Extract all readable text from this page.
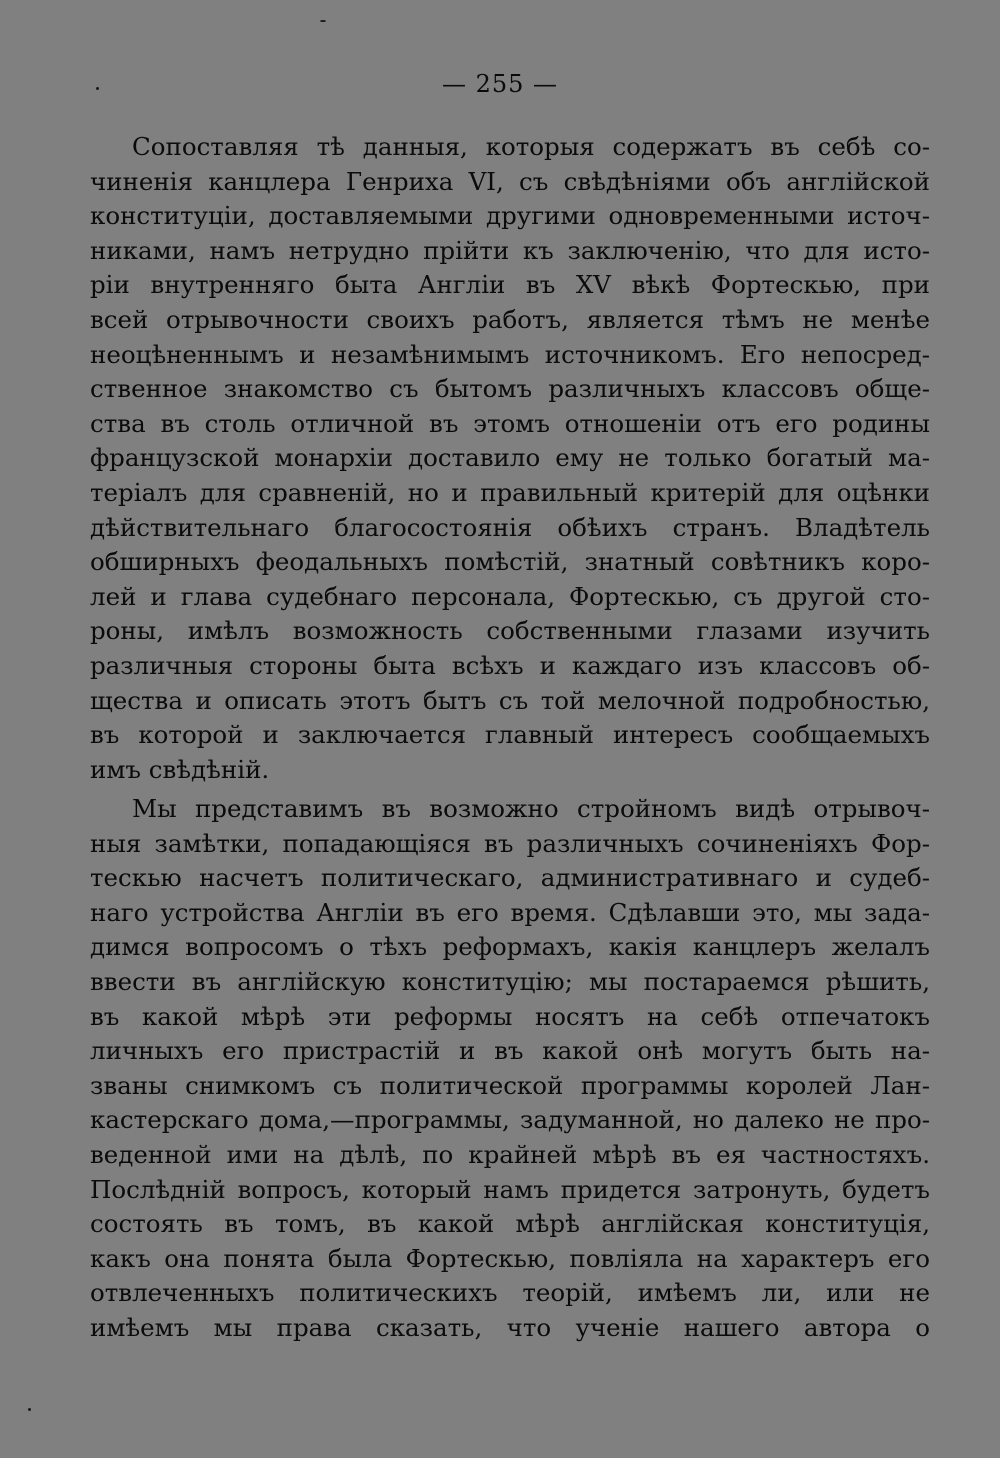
— 255 —
Сопоставляя тѣ данныя, которыя содержатъ въ себѣ со-
чиненія канцлера Генриха VI, съ свѣдѣніями объ англійской
конституціи, доставляемыми другими одновременными источ-
никами, намъ нетрудно прійти къ заключенію, что для исто-
ріи внутренняго быта Англіи въ XV вѣкѣ Фортескью, при
всей отрывочности своихъ работъ, является тѣмъ не менѣе
неоцѣненнымъ и незамѣнимымъ источникомъ. Его непосред-
ственное знакомство съ бытомъ различныхъ классовъ обще-
ства въ столь отличной въ этомъ отношеніи отъ его родины
французской монархіи доставило ему не только богатый ма-
теріалъ для сравненій, но и правильный критерій для оцѣнки
дѣйствительнаго благосостоянія обѣихъ странъ. Владѣтель
обширныхъ феодальныхъ помѣстій, знатный совѣтникъ коро-
лей и глава судебнаго персонала, Фортескью, съ другой сто-
роны, имѣлъ возможность собственными глазами изучить
различныя стороны быта всѣхъ и каждаго изъ классовъ об-
щества и описать этотъ бытъ съ той мелочной подробностью,
въ которой и заключается главный интересъ сообщаемыхъ
имъ свѣдѣній.
Мы представимъ въ возможно стройномъ видѣ отрывоч-
ныя замѣтки, попадающіяся въ различныхъ сочиненіяхъ Фор-
тескью насчетъ политическаго, административнаго и судеб-
наго устройства Англіи въ его время. Сдѣлавши это, мы зада-
димся вопросомъ о тѣхъ реформахъ, какія канцлеръ желалъ
ввести въ англійскую конституцію; мы постараемся рѣшить,
въ какой мѣрѣ эти реформы носятъ на себѣ отпечатокъ
личныхъ его пристрастій и въ какой онѣ могутъ быть на-
званы снимкомъ съ политической программы королей Лан-
кастерскаго дома,—программы, задуманной, но далеко не про-
веденной ими на дѣлѣ, по крайней мѣрѣ въ ея частностяхъ.
Послѣдній вопросъ, который намъ придется затронуть, будетъ
состоять въ томъ, въ какой мѣрѣ англійская конституція,
какъ она понята была Фортескью, повліяла на характеръ его
отвлеченныхъ политическихъ теорій, имѣемъ ли, или не
имѣемъ мы права сказать, что ученіе нашего автора о
